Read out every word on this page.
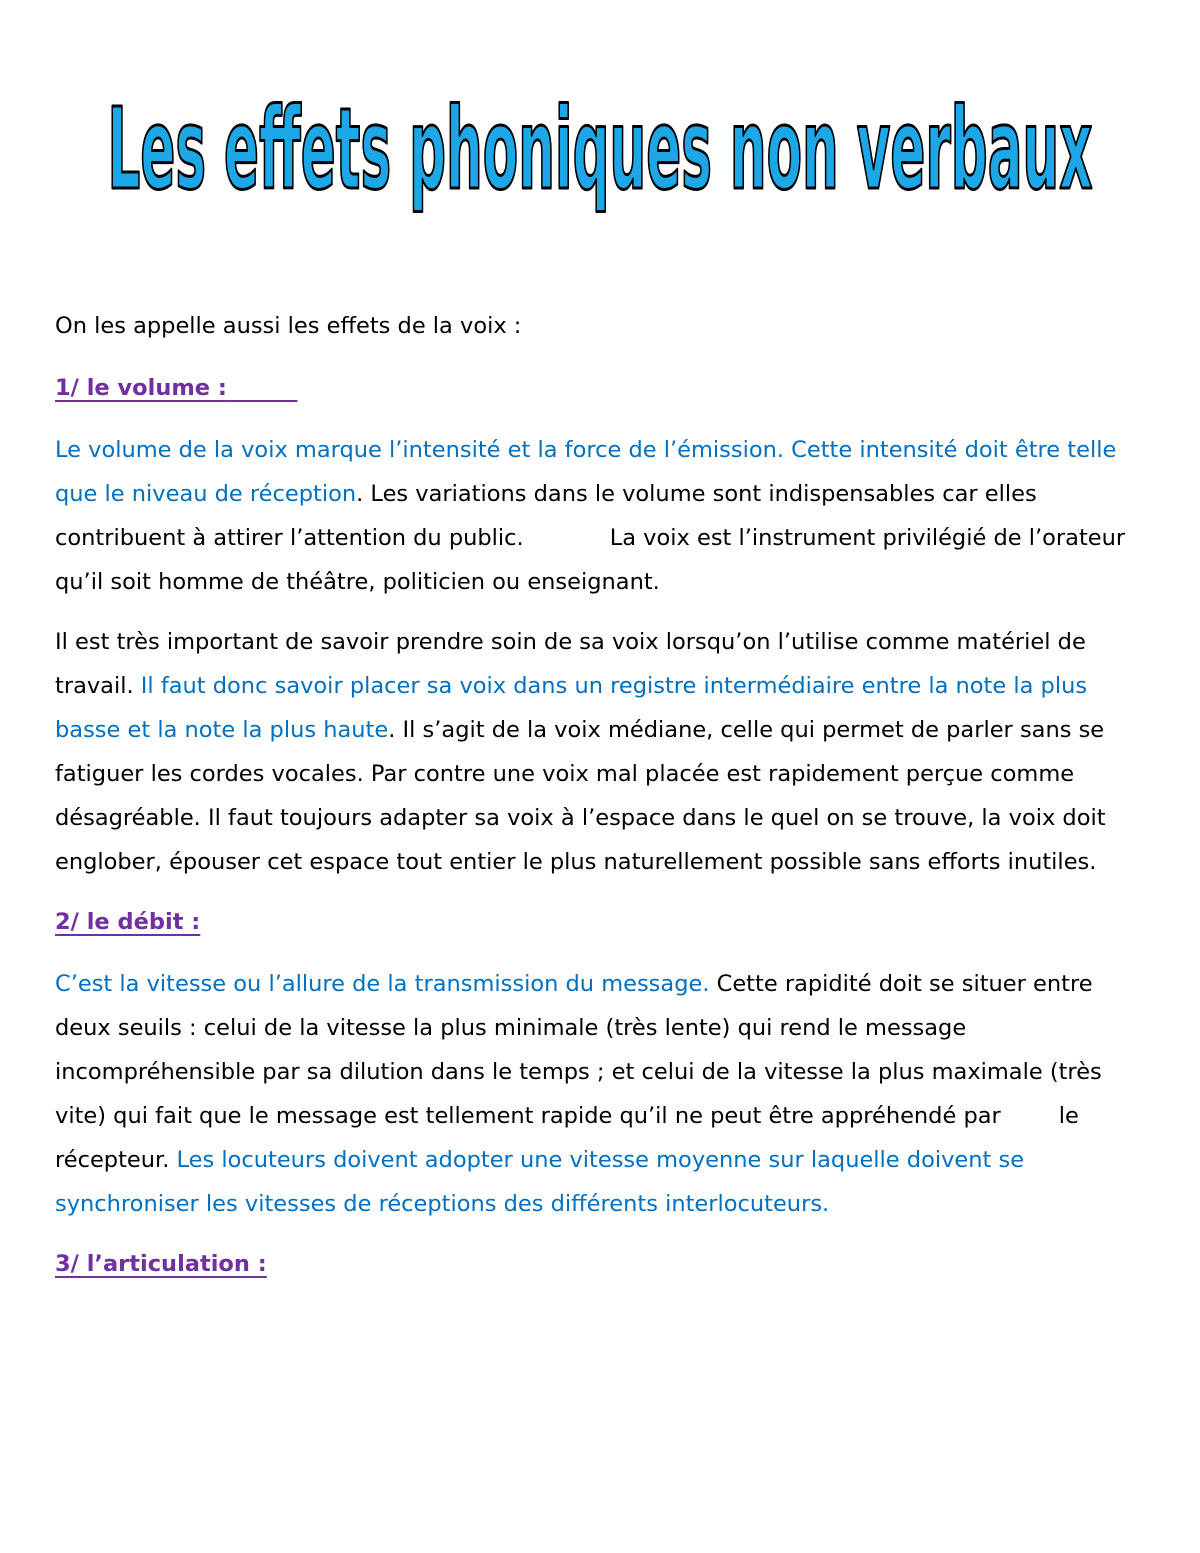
Les effets phoniques non verbaux

On les appelle aussi les effets de la voix :

1/ le volume :

Le volume de la voix marque l’intensité et la force de l’émission. Cette intensité doit être telle que le niveau de réception. Les variations dans le volume sont indispensables car elles contribuent à attirer l’attention du public.	La voix est l’instrument privilégié de l’orateur qu’il soit homme de théâtre, politicien ou enseignant.

Il est très important de savoir prendre soin de sa voix lorsqu’on l’utilise comme matériel de travail. Il faut donc savoir placer sa voix dans un registre intermédiaire entre la note la plus basse et la note la plus haute. Il s’agit de la voix médiane, celle qui permet de parler sans se fatiguer les cordes vocales. Par contre une voix mal placée est rapidement perçue comme désagréable. Il faut toujours adapter sa voix à l’espace dans le quel on se trouve, la voix doit englober, épouser cet espace tout entier le plus naturellement possible sans efforts inutiles.

2/ le débit :

C’est la vitesse ou l’allure de la transmission du message. Cette rapidité doit se situer entre deux seuils : celui de la vitesse la plus minimale (très lente) qui rend le message incompréhensible par sa dilution dans le temps ; et celui de la vitesse la plus maximale (très vite) qui fait que le message est tellement rapide qu’il ne peut être appréhendé par	le récepteur. Les locuteurs doivent adopter une vitesse moyenne sur laquelle doivent se synchroniser les vitesses de réceptions des différents interlocuteurs.

3/ l’articulation :
